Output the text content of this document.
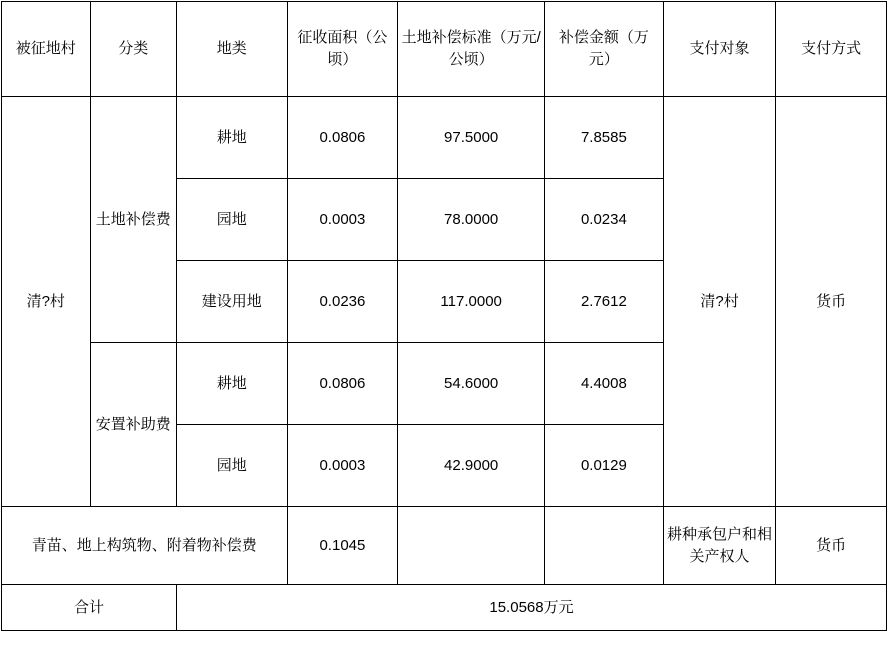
被征地村	分类	地类	征收面积（公顷）	土地补偿标准（万元/公顷）	补偿金额（万元）	支付对象	支付方式
清?村	土地补偿费	耕地	0.0806	97.5000	7.8585	清?村	货币
		园地	0.0003	78.0000	0.0234		
		建设用地	0.0236	117.0000	2.7612		
	安置补助费	耕地	0.0806	54.6000	4.4008		
		园地	0.0003	42.9000	0.0129		
青苗、地上构筑物、附着物补偿费			0.1045			耕种承包户和相关产权人	货币
合计		15.0568万元					
